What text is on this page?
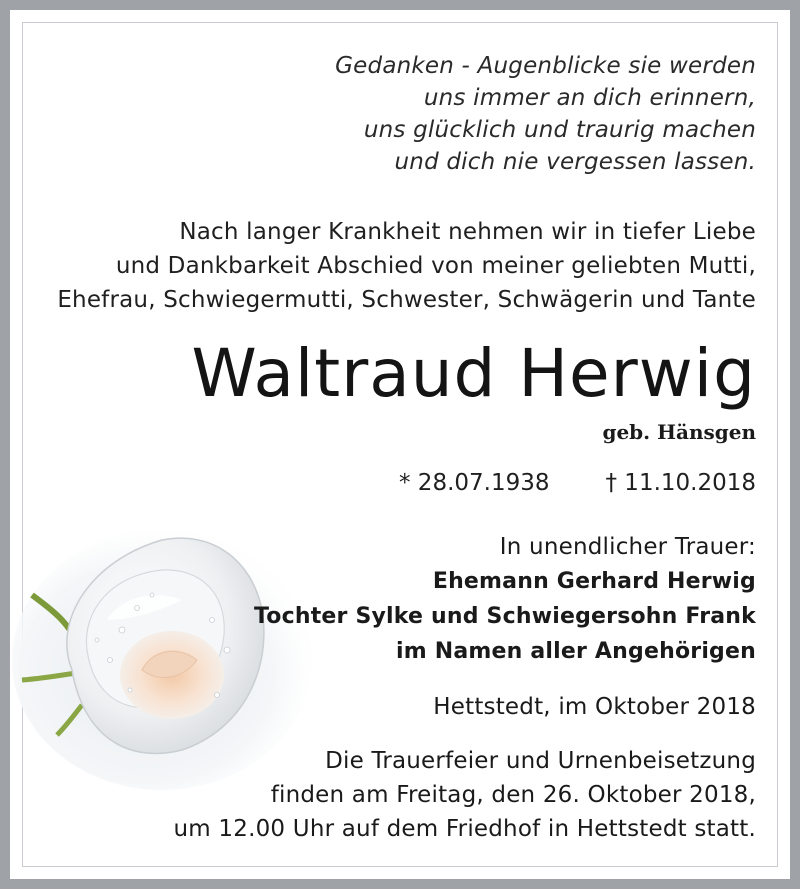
Gedanken - Augenblicke sie werden
uns immer an dich erinnern,
uns glücklich und traurig machen
und dich nie vergessen lassen.
Nach langer Krankheit nehmen wir in tiefer Liebe
und Dankbarkeit Abschied von meiner geliebten Mutti,
Ehefrau, Schwiegermutti, Schwester, Schwägerin und Tante
Waltraud Herwig
geb. Hänsgen
* 28.07.1938 † 11.10.2018
In unendlicher Trauer:
Ehemann Gerhard Herwig
Tochter Sylke und Schwiegersohn Frank
im Namen aller Angehörigen
Hettstedt, im Oktober 2018
Die Trauerfeier und Urnenbeisetzung
finden am Freitag, den 26. Oktober 2018,
um 12.00 Uhr auf dem Friedhof in Hettstedt statt.
